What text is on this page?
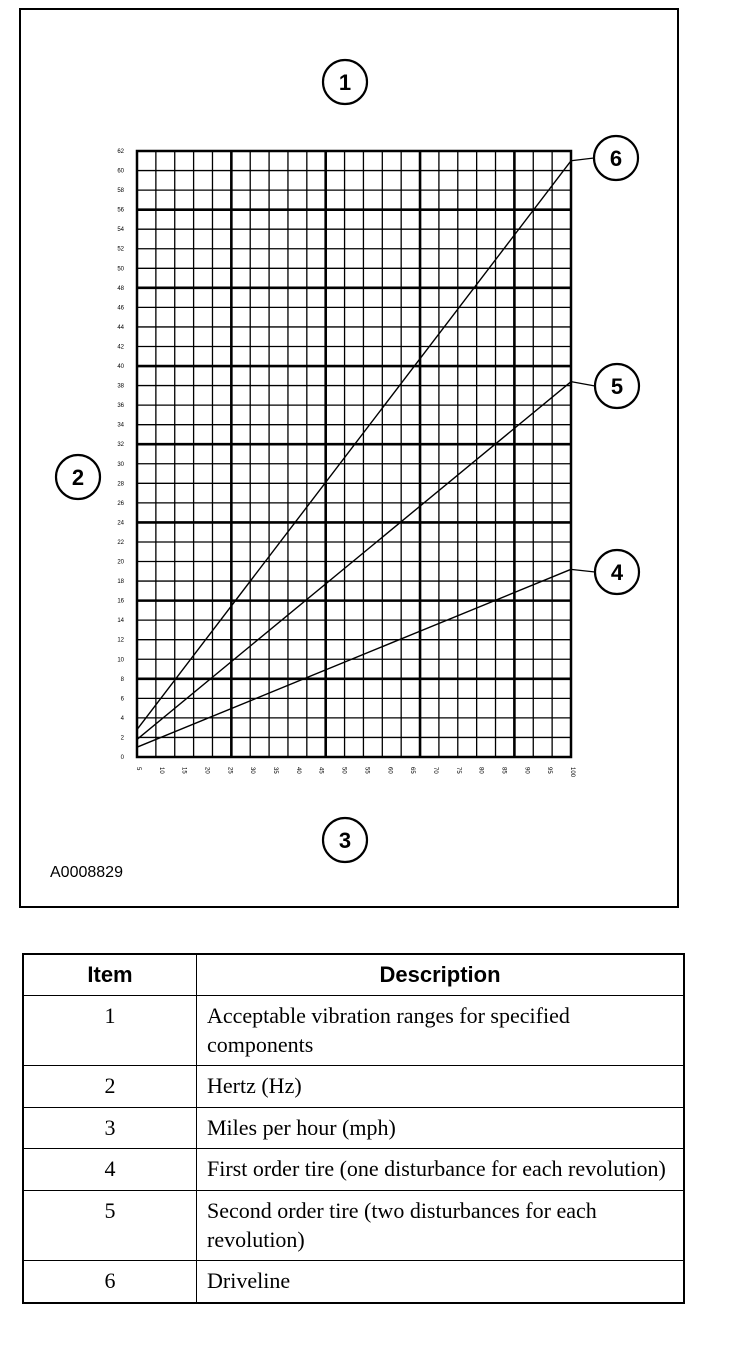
0
2
4
6
8
10
12
14
16
18
20
22
24
26
28
30
32
34
36
38
40
42
44
46
48
50
52
54
56
58
60
62
5	10	15	20	25	30	35	40	45	50	55	60	65	70	75	80	85	90	95	100
1
2
3
4
5
6
A0008829
Item	Description
1	Acceptable vibration ranges for specified components
2	Hertz (Hz)
3	Miles per hour (mph)
4	First order tire (one disturbance for each revolution)
5	Second order tire (two disturbances for each revolution)
6	Driveline
